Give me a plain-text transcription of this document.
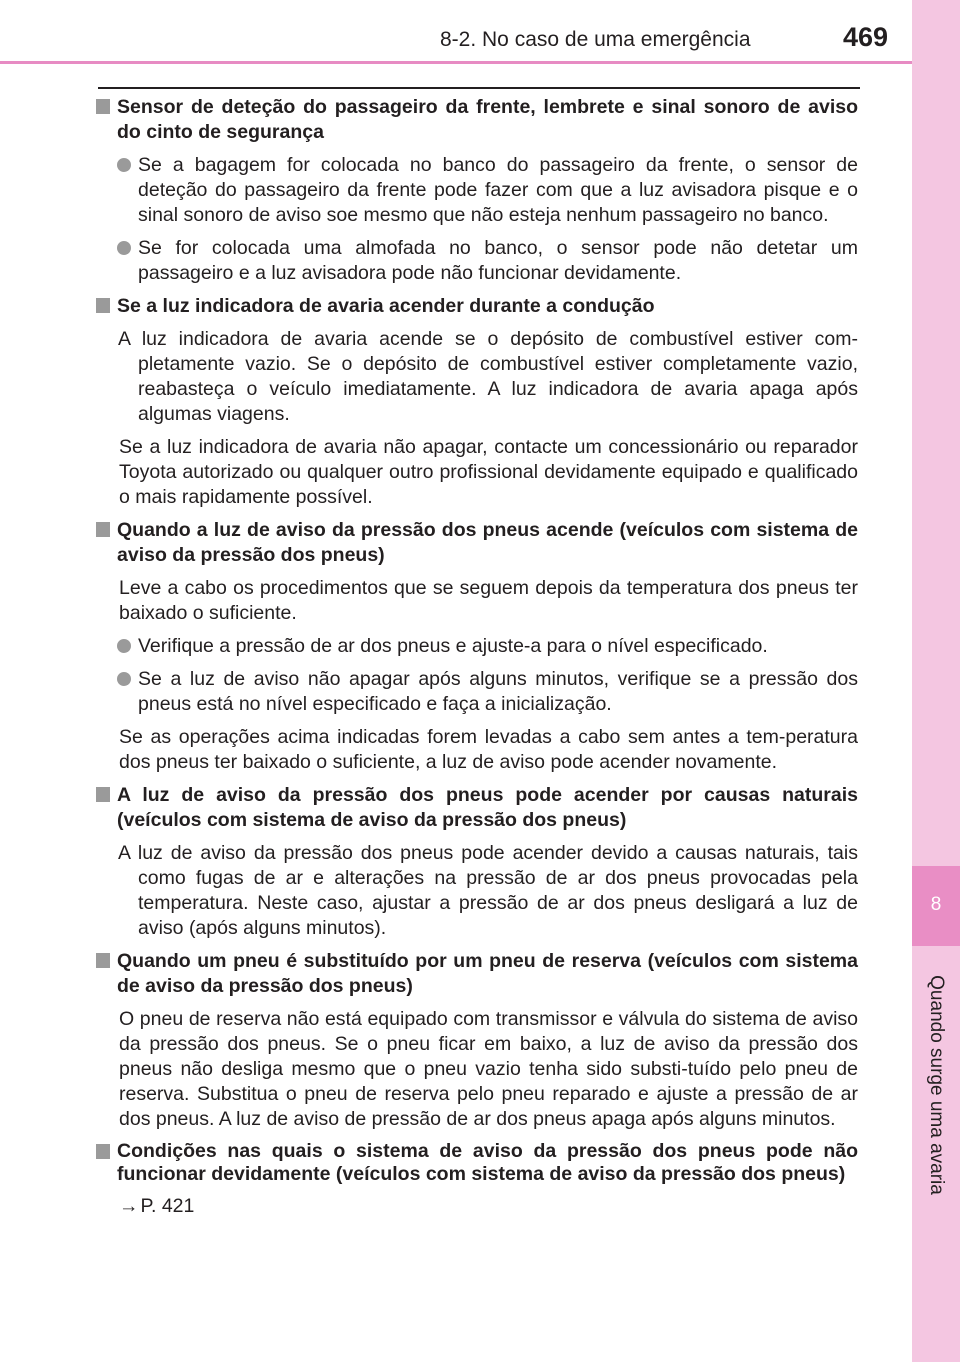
8-2. No caso de uma emergência	469
8
Quando surge uma avaria
Sensor de deteção do passageiro da frente, lembrete e sinal sonoro de aviso do cinto de segurança
Se a bagagem for colocada no banco do passageiro da frente, o sensor de deteção do passageiro da frente pode fazer com que a luz avisadora pisque e o sinal sonoro de aviso soe mesmo que não esteja nenhum passageiro no banco.
Se for colocada uma almofada no banco, o sensor pode não detetar um passageiro e a luz avisadora pode não funcionar devidamente.
Se a luz indicadora de avaria acender durante a condução
A luz indicadora de avaria acende se o depósito de combustível estiver com-pletamente vazio. Se o depósito de combustível estiver completamente vazio, reabasteça o veículo imediatamente. A luz indicadora de avaria apaga após algumas viagens.
Se a luz indicadora de avaria não apagar, contacte um concessionário ou reparador Toyota autorizado ou qualquer outro profissional devidamente equipado e qualificado o mais rapidamente possível.
Quando a luz de aviso da pressão dos pneus acende (veículos com sistema de aviso da pressão dos pneus)
Leve a cabo os procedimentos que se seguem depois da temperatura dos pneus ter baixado o suficiente.
Verifique a pressão de ar dos pneus e ajuste-a para o nível especificado.
Se a luz de aviso não apagar após alguns minutos, verifique se a pressão dos pneus está no nível especificado e faça a inicialização.
Se as operações acima indicadas forem levadas a cabo sem antes a tem-peratura dos pneus ter baixado o suficiente, a luz de aviso pode acender novamente.
A luz de aviso da pressão dos pneus pode acender por causas naturais (veículos com sistema de aviso da pressão dos pneus)
A luz de aviso da pressão dos pneus pode acender devido a causas naturais, tais como fugas de ar e alterações na pressão de ar dos pneus provocadas pela temperatura. Neste caso, ajustar a pressão de ar dos pneus desligará a luz de aviso (após alguns minutos).
Quando um pneu é substituído por um pneu de reserva (veículos com sistema de aviso da pressão dos pneus)
O pneu de reserva não está equipado com transmissor e válvula do sistema de aviso da pressão dos pneus. Se o pneu ficar em baixo, a luz de aviso da pressão dos pneus não desliga mesmo que o pneu vazio tenha sido substi-tuído pelo pneu de reserva. Substitua o pneu de reserva pelo pneu reparado e ajuste a pressão de ar dos pneus. A luz de aviso de pressão de ar dos pneus apaga após alguns minutos.
Condições nas quais o sistema de aviso da pressão dos pneus pode não funcionar devidamente (veículos com sistema de aviso da pressão dos pneus)
→ P. 421
